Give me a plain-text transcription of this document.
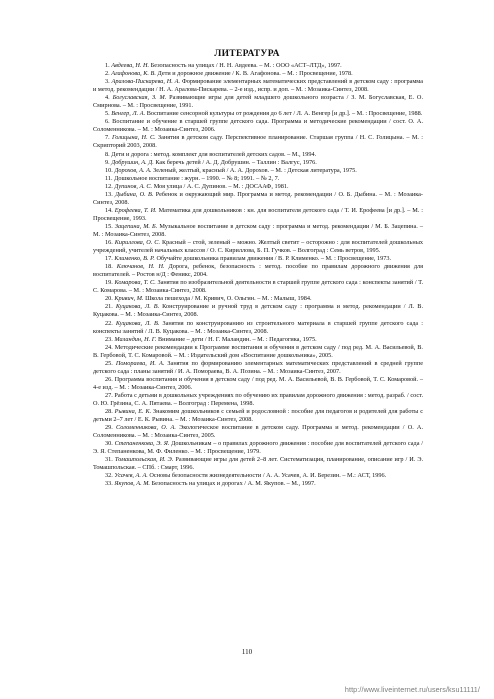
ЛИТЕРАТУРА

1. Авдеева, Н. Н. Безопасность на улицах / Н. Н. Авдеева. – М. : ООО «АСТ–ЛТД», 1997.

2. Агафонова, К. В. Дети и дорожное движение / К. В. Агафонова. – М. : Просвещение, 1978.

3. Аралова-Пискарева, Н. А. Формирование элементарных математических представлений в детском саду : программа и метод. рекомендации / Н. А. Аралова-Пискарева. – 2-е изд., испр. и доп. – М. : Мозаика-Синтез, 2008.

4. Богуславская, З. М. Развивающие игры для детей младшего дошкольного возраста / З. М. Богуславская, Е. О. Смирнова. – М. : Просвещение, 1991.

5. Венгер, Л. А. Воспитание сенсорной культуры от рождения до 6 лет / Л. А. Венгер [и др.]. – М. : Просвещение, 1988.

6. Воспитание и обучение в старшей группе детского сада. Программа и методические рекомендации / сост. О. А. Соломенникова. – М. : Мозаика-Синтез, 2006.

7. Голицына, Н. С. Занятия в детском саду. Перспективное планирование. Старшая группа / Н. С. Голицына. – М. : Скрипторий 2003, 2008.

8. Дети и дорога : метод. комплект для воспитателей детских садов. – М., 1994.

9. Добрушин, А. Д. Как беречь детей / А. Д. Добрушин. – Таллин : Валгус, 1976.

10. Дорохов, А. А. Зеленый, желтый, красный / А. А. Дорохов. – М. : Детская литература, 1975.

11. Дошкольное воспитание : журн. – 1990. – № 8; 1991. – № 2, 7.

12. Дупинов, А. С. Моя улица / А. С. Дупинов. – М. : ДОСААФ, 1981.

13. Дыбина, О. В. Ребенок и окружающий мир. Программа и метод. рекомендации / О. Б. Дыбина. – М. : Мозаика-Синтез, 2008.

14. Ерофеева, Т. И. Математика для дошкольников : кн. для воспитателя детского сада / Т. И. Ерофеева [и др.]. – М. : Просвещение, 1993.

15. Зацепина, М. Б. Музыкальное воспитание в детском саду : программа и метод. рекомендации / М. Б. Зацепина. – М. : Мозаика-Синтез, 2008.

16. Кириллова, О. С. Красный – стой, зеленый – можно. Желтый светит – осторожно : для воспитателей дошкольных учреждений, учителей начальных классов / О. С. Кириллова, Б. П. Гучков. – Волгоград : Семь ветров, 1995.

17. Клименко, В. Р. Обучайте дошкольника правилам движения / В. Р. Клименко. – М. : Просвещение, 1973.

18. Ключанов, Н. Н. Дорога, ребенок, безопасность : метод. пособие по правилам дорожного движения для воспитателей. – Ростов н/Д : Феникс, 2004.

19. Комарова, Т. С. Занятия по изобразительной деятельности в старшей группе детского сада : конспекты занятий / Т. С. Комарова. – М. : Мозаика-Синтез, 2008.

20. Кривич, М. Школа пешехода / М. Кривич, О. Ольгин. – М. : Малыш, 1984.

21. Куцакова, Л. В. Конструирование и ручной труд в детском саду : программа и метод. рекомендации / Л. В. Куцакова. – М. : Мозаика-Синтез, 2008.

22. Куцакова, Л. В. Занятия по конструированию из строительного материала в старшей группе детского сада : конспекты занятий / Л. В. Куцакова. – М. : Мозаика-Синтез, 2008.

23. Маландин, Н. Г. Внимание – дети / Н. Г. Маландин. – М. : Педагогика, 1975.

24. Методические рекомендации к Программе воспитания и обучения в детском саду / под ред. М. А. Васильевой, В. В. Гербовой, Т. С. Комаровой. – М. : Издательский дом «Воспитание дошкольника», 2005.

25. Помораева, И. А. Занятия по формированию элементарных математических представлений в средней группе детского сада : планы занятий / И. А. Помораева, В. А. Позина. – М. : Мозаика-Синтез, 2007.

26. Программа воспитания и обучения в детском саду / под ред. М. А. Васильевой, В. В. Гербовой, Т. С. Комаровой. – 4-е изд. – М. : Мозаика-Синтез, 2006.

27. Работа с детьми в дошкольных учреждениях по обучению их правилам дорожного движения : метод. разраб. / сост. О. Ю. Грёзина, С. А. Пятаева. – Волгоград : Перемена, 1998.

28. Рывина, Е. К. Знакомим дошкольников с семьей и родословной : пособие для педагогов и родителей для работы с детьми 2–7 лет / Е. К. Рывина. – М. : Мозаика-Синтез, 2008.

29. Соломенникова, О. А. Экологическое воспитание в детском саду. Программа и метод. рекомендации / О. А. Соломенникова. – М. : Мозаика-Синтез, 2005.

30. Степаненкова, Э. Я. Дошкольникам – о правилах дорожного движения : пособие для воспитателей детского сада / Э. Я. Степаненкова, М. Ф. Филенко. – М. : Просвещение, 1979.

31. Томашпольская, И. Э. Развивающие игры для детей 2–8 лет. Систематизация, планирование, описание игр / И. Э. Томашпольская. – СПб. : Смарт, 1996.

32. Усачев, А. А. Основы безопасности жизнедеятельности / А. А. Усачев, А. И. Березин. – М.: АСТ, 1996.

33. Якупов, А. М. Безопасность на улицах и дорогах / А. М. Якупов. – М., 1997.

110
http://www.liveinternet.ru/users/ksu11111/
